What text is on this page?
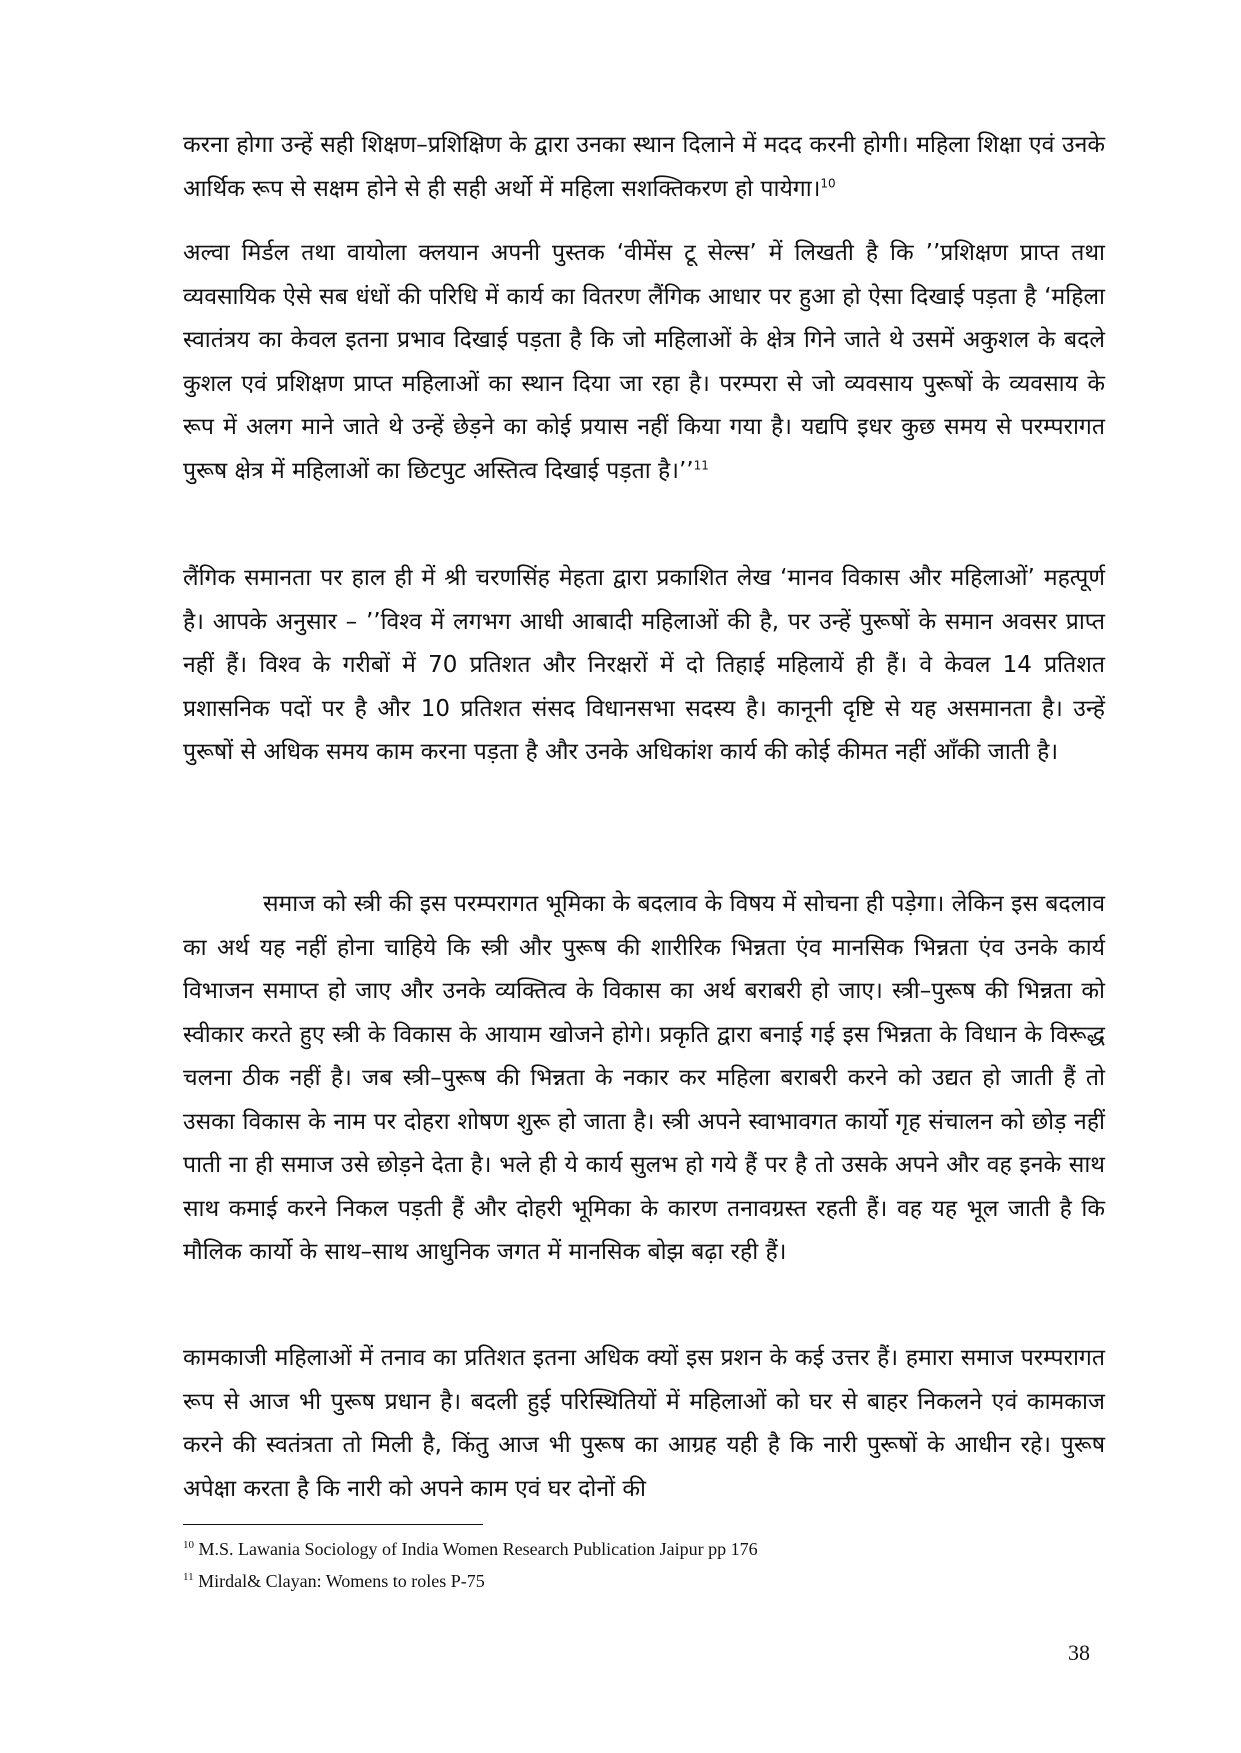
करना होगा उन्हें सही शिक्षण–प्रशिक्षिण के द्वारा उनका स्थान दिलाने में मदद करनी होगी। महिला शिक्षा एवं उनके आर्थिक रूप से सक्षम होने से ही सही अर्थो में महिला सशक्तिकरण हो पायेगा।$^{10}$

अल्वा मिर्डल तथा वायोला क्लयान अपनी पुस्तक ‘वीमेंस टू सेल्स’ में लिखती है कि ’’प्रशिक्षण प्राप्त तथा व्यवसायिक ऐसे सब धंधों की परिधि में कार्य का वितरण लैंगिक आधार पर हुआ हो ऐसा दिखाई पड़ता है ‘महिला स्वातंत्रय का केवल इतना प्रभाव दिखाई पड़ता है कि जो महिलाओं के क्षेत्र गिने जाते थे उसमें अकुशल के बदले कुशल एवं प्रशिक्षण प्राप्त महिलाओं का स्थान दिया जा रहा है। परम्परा से जो व्यवसाय पुरूषों के व्यवसाय के रूप में अलग माने जाते थे उन्हें छेड़ने का कोई प्रयास नहीं किया गया है। यद्यपि इधर कुछ समय से परम्परागत पुरूष क्षेत्र में महिलाओं का छिटपुट अस्तित्व दिखाई पड़ता है।’’$^{11}$

लैंगिक समानता पर हाल ही में श्री चरणसिंह मेहता द्वारा प्रकाशित लेख ‘मानव विकास और महिलाओं’ महत्पूर्ण है। आपके अनुसार – ’’विश्व में लगभग आधी आबादी महिलाओं की है, पर उन्हें पुरूषों के समान अवसर प्राप्त नहीं हैं। विश्व के गरीबों में 70 प्रतिशत और निरक्षरों में दो तिहाई महिलायें ही हैं। वे केवल 14 प्रतिशत प्रशासनिक पदों पर है और 10 प्रतिशत संसद विधानसभा सदस्य है। कानूनी दृष्टि से यह असमानता है। उन्हें पुरूषों से अधिक समय काम करना पड़ता है और उनके अधिकांश कार्य की कोई कीमत नहीं आँकी जाती है।

समाज को स्त्री की इस परम्परागत भूमिका के बदलाव के विषय में सोचना ही पड़ेगा। लेकिन इस बदलाव का अर्थ यह नहीं होना चाहिये कि स्त्री और पुरूष की शारीरिक भिन्नता एंव मानसिक भिन्नता एंव उनके कार्य विभाजन समाप्त हो जाए और उनके व्यक्तित्व के विकास का अर्थ बराबरी हो जाए। स्त्री–पुरूष की भिन्नता को स्वीकार करते हुए स्त्री के विकास के आयाम खोजने होगे। प्रकृति द्वारा बनाई गई इस भिन्नता के विधान के विरूद्ध चलना ठीक नहीं है। जब स्त्री–पुरूष की भिन्नता के नकार कर महिला बराबरी करने को उद्यत हो जाती हैं तो उसका विकास के नाम पर दोहरा शोषण शुरू हो जाता है। स्त्री अपने स्वाभावगत कार्यो गृह संचालन को छोड़ नहीं पाती ना ही समाज उसे छोड़ने देता है। भले ही ये कार्य सुलभ हो गये हैं पर है तो उसके अपने और वह इनके साथ साथ कमाई करने निकल पड़ती हैं और दोहरी भूमिका के कारण तनावग्रस्त रहती हैं। वह यह भूल जाती है कि मौलिक कार्यो के साथ–साथ आधुनिक जगत में मानसिक बोझ बढ़ा रही हैं।

कामकाजी महिलाओं में तनाव का प्रतिशत इतना अधिक क्यों इस प्रशन के कई उत्तर हैं। हमारा समाज परम्परागत रूप से आज भी पुरूष प्रधान है। बदली हुई परिस्थितियों में महिलाओं को घर से बाहर निकलने एवं कामकाज करने की स्वतंत्रता तो मिली है, किंतु आज भी पुरूष का आग्रह यही है कि नारी पुरूषों के आधीन रहे। पुरूष अपेक्षा करता है कि नारी को अपने काम एवं घर दोनों की

$^{10}$ M.S. Lawania Sociology of India Women Research Publication Jaipur pp 176
$^{11}$ Mirdal& Clayan: Womens to roles P-75
38
